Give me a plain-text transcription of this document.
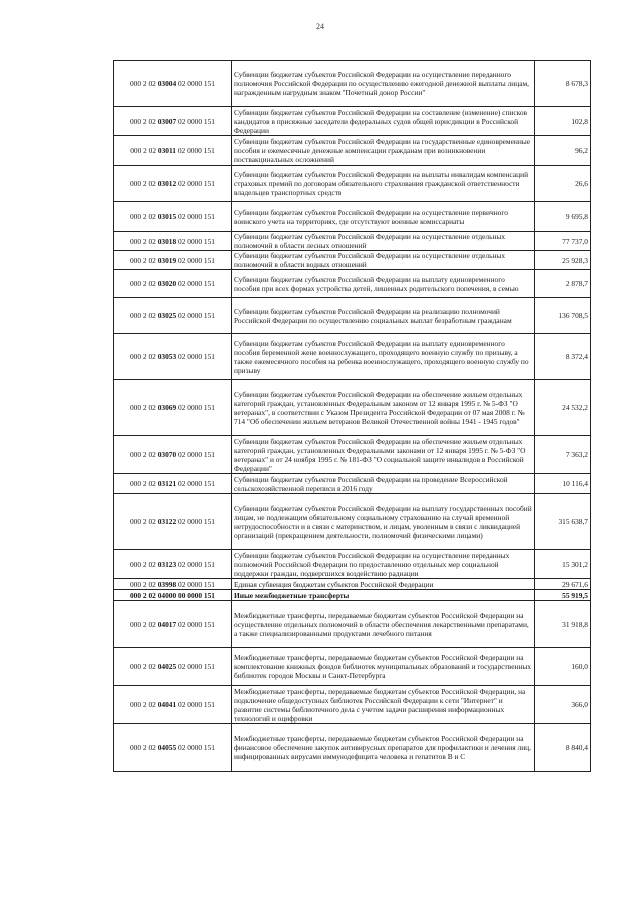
24
000 2 02 03004 02 0000 151	Субвенции бюджетам субъектов Российской Федерации на осуществление переданного полномочия Российской Федерации по осуществлению ежегодной денежной выплаты лицам, награжденным нагрудным знаком "Почетный донор России"	8 678,3
000 2 02 03007 02 0000 151	Субвенции бюджетам субъектов Российской Федерации на составление (изменение) списков кандидатов в присяжные заседатели федеральных судов общей юрисдикции в Российской Федерации	102,8
000 2 02 03011 02 0000 151	Субвенции бюджетам субъектов Российской Федерации на государственные единовременные пособия и ежемесячные денежные компенсации гражданам при возникновении поствакцинальных осложнений	96,2
000 2 02 03012 02 0000 151	Субвенции бюджетам субъектов Российской Федерации на выплаты инвалидам компенсаций страховых премий по договорам обязательного страхования гражданской ответственности владельцев транспортных средств	26,6
000 2 02 03015 02 0000 151	Субвенции бюджетам субъектов Российской Федерации на осуществление первичного воинского учета на территориях, где отсутствуют военные комиссариаты	9 695,8
000 2 02 03018 02 0000 151	Субвенции бюджетам субъектов Российской Федерации на осуществление отдельных полномочий в области лесных отношений	77 737,0
000 2 02 03019 02 0000 151	Субвенции бюджетам субъектов Российской Федерации на осуществление отдельных полномочий в области водных отношений	25 928,3
000 2 02 03020 02 0000 151	Субвенции бюджетам субъектов Российской Федерации на выплату единовременного пособия при всех формах устройства детей, лишенных родительского попечения, в семью	2 878,7
000 2 02 03025 02 0000 151	Субвенции бюджетам субъектов Российской Федерации на реализацию полномочий Российской Федерации по осуществлению социальных выплат безработным гражданам	136 708,5
000 2 02 03053 02 0000 151	Субвенции бюджетам субъектов Российской Федерации на выплату единовременного пособия беременной жене военнослужащего, проходящего военную службу по призыву, а также ежемесячного пособия на ребенка военнослужащего, проходящего военную службу по призыву	8 372,4
000 2 02 03069 02 0000 151	Субвенции бюджетам субъектов Российской Федерации на обеспечение жильем отдельных категорий граждан, установленных Федеральным законом от 12 января 1995 г. № 5-ФЗ "О ветеранах", в соответствии с Указом Президента Российской Федерации от 07 мая 2008 г. № 714 "Об обеспечении жильем ветеранов Великой Отечественной войны 1941 - 1945 годов"	24 532,2
000 2 02 03070 02 0000 151	Субвенции бюджетам субъектов Российской Федерации на обеспечение жильем отдельных категорий граждан, установленных Федеральными законами от 12 января 1995 г. № 5-ФЗ "О ветеранах" и от 24 ноября 1995 г. № 181-ФЗ "О социальной защите инвалидов в Российской Федерации"	7 363,2
000 2 02 03121 02 0000 151	Субвенции бюджетам субъектов Российской Федерации на проведение Всероссийской сельскохозяйственной переписи в 2016 году	10 116,4
000 2 02 03122 02 0000 151	Субвенции бюджетам субъектов Российской Федерации на выплату государственных пособий лицам, не подлежащим обязательному социальному страхованию на случай временной нетрудоспособности и в связи с материнством, и лицам, уволенным в связи с ликвидацией организаций (прекращением деятельности, полномочий физическими лицами)	315 638,7
000 2 02 03123 02 0000 151	Субвенции бюджетам субъектов Российской Федерации на осуществление переданных полномочий Российской Федерации по предоставлению отдельных мер социальной поддержки граждан, подвергшихся воздействию радиации	15 301,2
000 2 02 03998 02 0000 151	Единая субвенция бюджетам субъектов Российской Федерации	29 671,6
000 2 02 04000 00 0000 151	Иные межбюджетные трансферты	55 919,5
000 2 02 04017 02 0000 151	Межбюджетные трансферты, передаваемые бюджетам субъектов Российской Федерации на осуществление отдельных полномочий в области обеспечения лекарственными препаратами, а также специализированными продуктами лечебного питания	31 918,8
000 2 02 04025 02 0000 151	Межбюджетные трансферты, передаваемые бюджетам субъектов Российской Федерации на комплектование книжных фондов библиотек муниципальных образований и государственных библиотек городов Москвы и Санкт-Петербурга	160,0
000 2 02 04041 02 0000 151	Межбюджетные трансферты, передаваемые бюджетам субъектов Российской Федерации, на подключение общедоступных библиотек Российской Федерации к сети "Интернет" и развитие системы библиотечного дела с учетом задачи расширения информационных технологий и оцифровки	366,0
000 2 02 04055 02 0000 151	Межбюджетные трансферты, передаваемые бюджетам субъектов Российской Федерации на финансовое обеспечение закупок антивирусных препаратов для профилактики и лечения лиц, инфицированных вирусами иммунодефицита человека и гепатитов В и С	8 840,4
